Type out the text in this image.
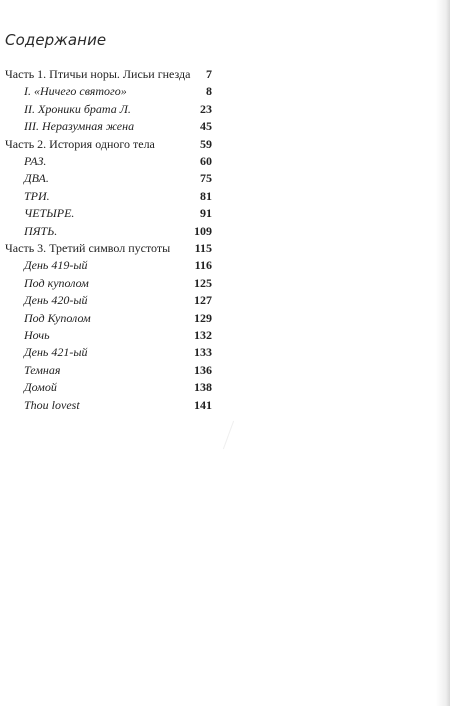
Содержание
Часть 1. Птичьи норы. Лисьи гнезда 7
I. «Ничего святого»	8
II. Хроники брата Л.	23
III. Неразумная жена	45
Часть 2. История одного тела	59
РАЗ.	60
ДВА.	75
ТРИ.	81
ЧЕТЫРЕ.	91
ПЯТЬ.	109
Часть 3. Третий символ пустоты 115
День 419-ый	116
Под куполом	125
День 420-ый	127
Под Куполом	129
Ночь	132
День 421-ый	133
Темная	136
Домой	138
Thou lovest	141
